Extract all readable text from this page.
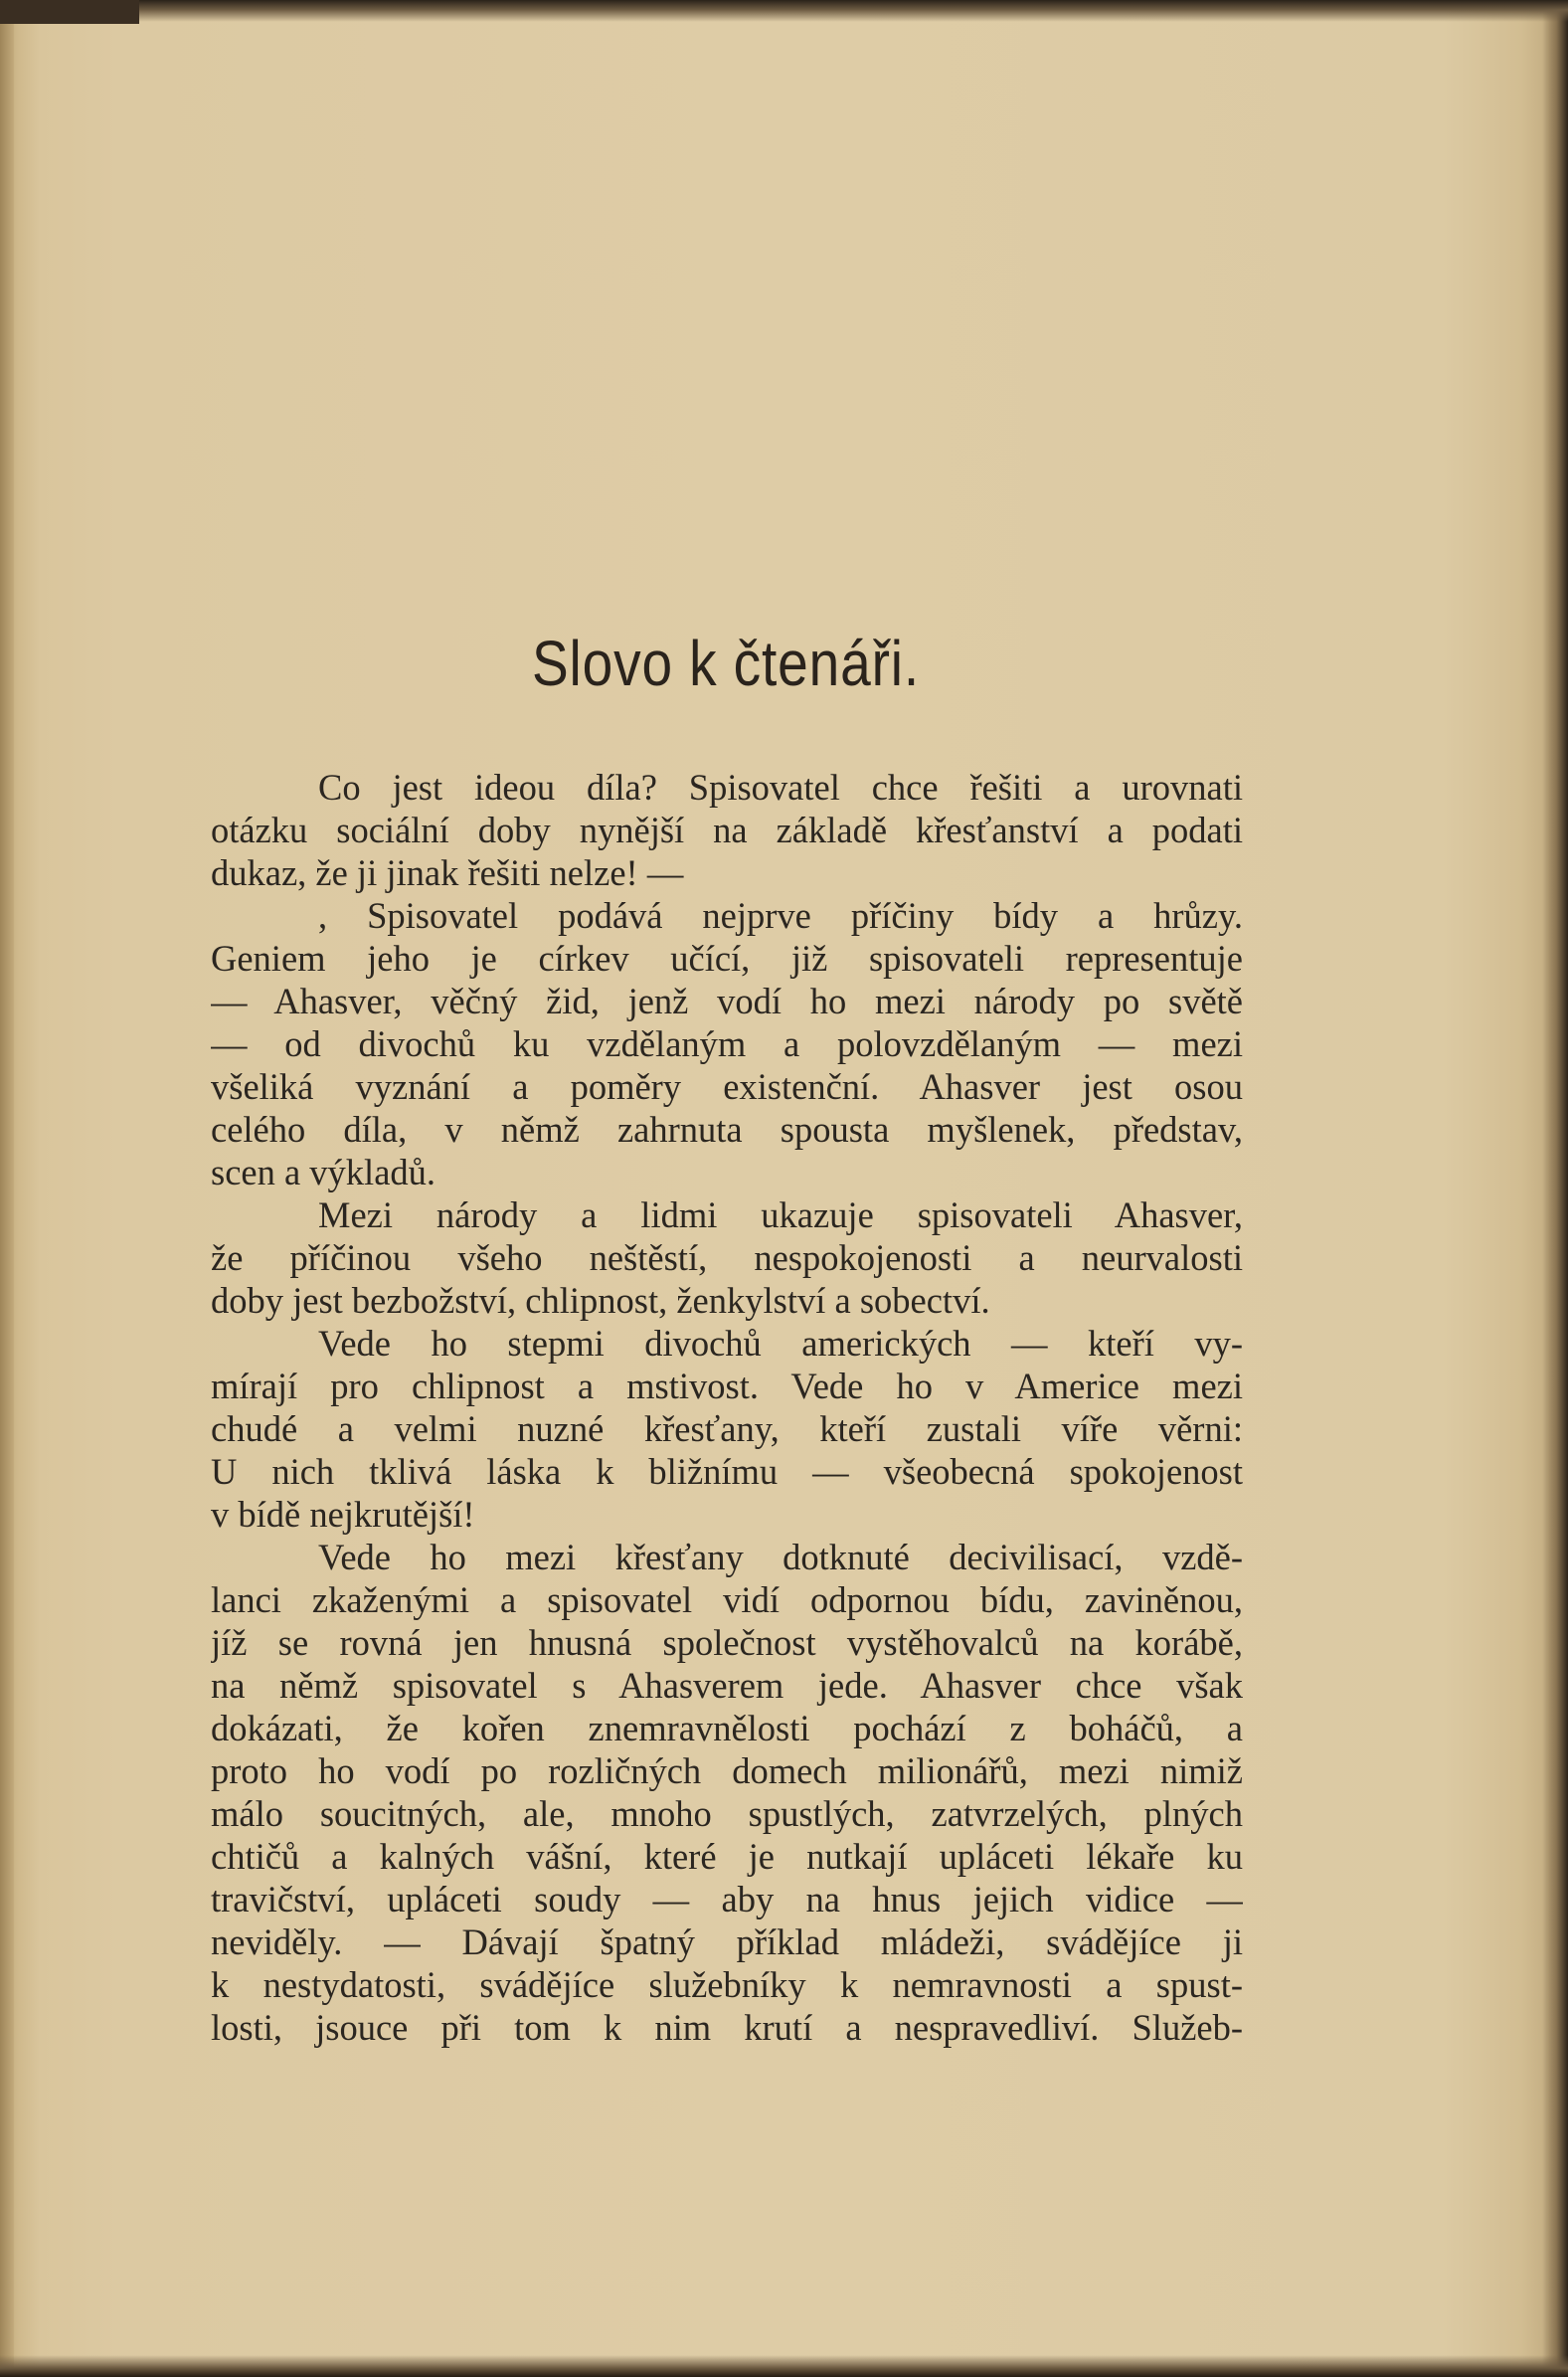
Slovo k čtenáři.
Co jest ideou díla? Spisovatel chce řešiti a urovnati
otázku sociální doby nynější na základě křesťanství a podati
dukaz, že ji jinak řešiti nelze! —
, Spisovatel podává nejprve příčiny bídy a hrůzy.
Geniem jeho je církev učící, již spisovateli representuje
— Ahasver, věčný žid, jenž vodí ho mezi národy po světě
— od divochů ku vzdělaným a polovzdělaným — mezi
všeliká vyznání a poměry existenční. Ahasver jest osou
celého díla, v němž zahrnuta spousta myšlenek, představ,
scen a výkladů.
Mezi národy a lidmi ukazuje spisovateli Ahasver,
že příčinou všeho neštěstí, nespokojenosti a neurvalosti
doby jest bezbožství, chlipnost, ženkylství a sobectví.
Vede ho stepmi divochů amerických — kteří vy-
mírají pro chlipnost a mstivost. Vede ho v Americe mezi
chudé a velmi nuzné křesťany, kteří zustali víře věrni:
U nich tklivá láska k bližnímu — všeobecná spokojenost
v bídě nejkrutější!
Vede ho mezi křesťany dotknuté decivilisací, vzdě-
lanci zkaženými a spisovatel vidí odpornou bídu, zaviněnou,
jíž se rovná jen hnusná společnost vystěhovalců na korábě,
na němž spisovatel s Ahasverem jede. Ahasver chce však
dokázati, že kořen znemravnělosti pochází z boháčů, a
proto ho vodí po rozličných domech milionářů, mezi nimiž
málo soucitných, ale, mnoho spustlých, zatvrzelých, plných
chtičů a kalných vášní, které je nutkají upláceti lékaře ku
travičství, upláceti soudy — aby na hnus jejich vidice —
neviděly. — Dávají špatný příklad mládeži, svádějíce ji
k nestydatosti, svádějíce služebníky k nemravnosti a spust-
losti, jsouce při tom k nim krutí a nespravedliví. Služeb-
